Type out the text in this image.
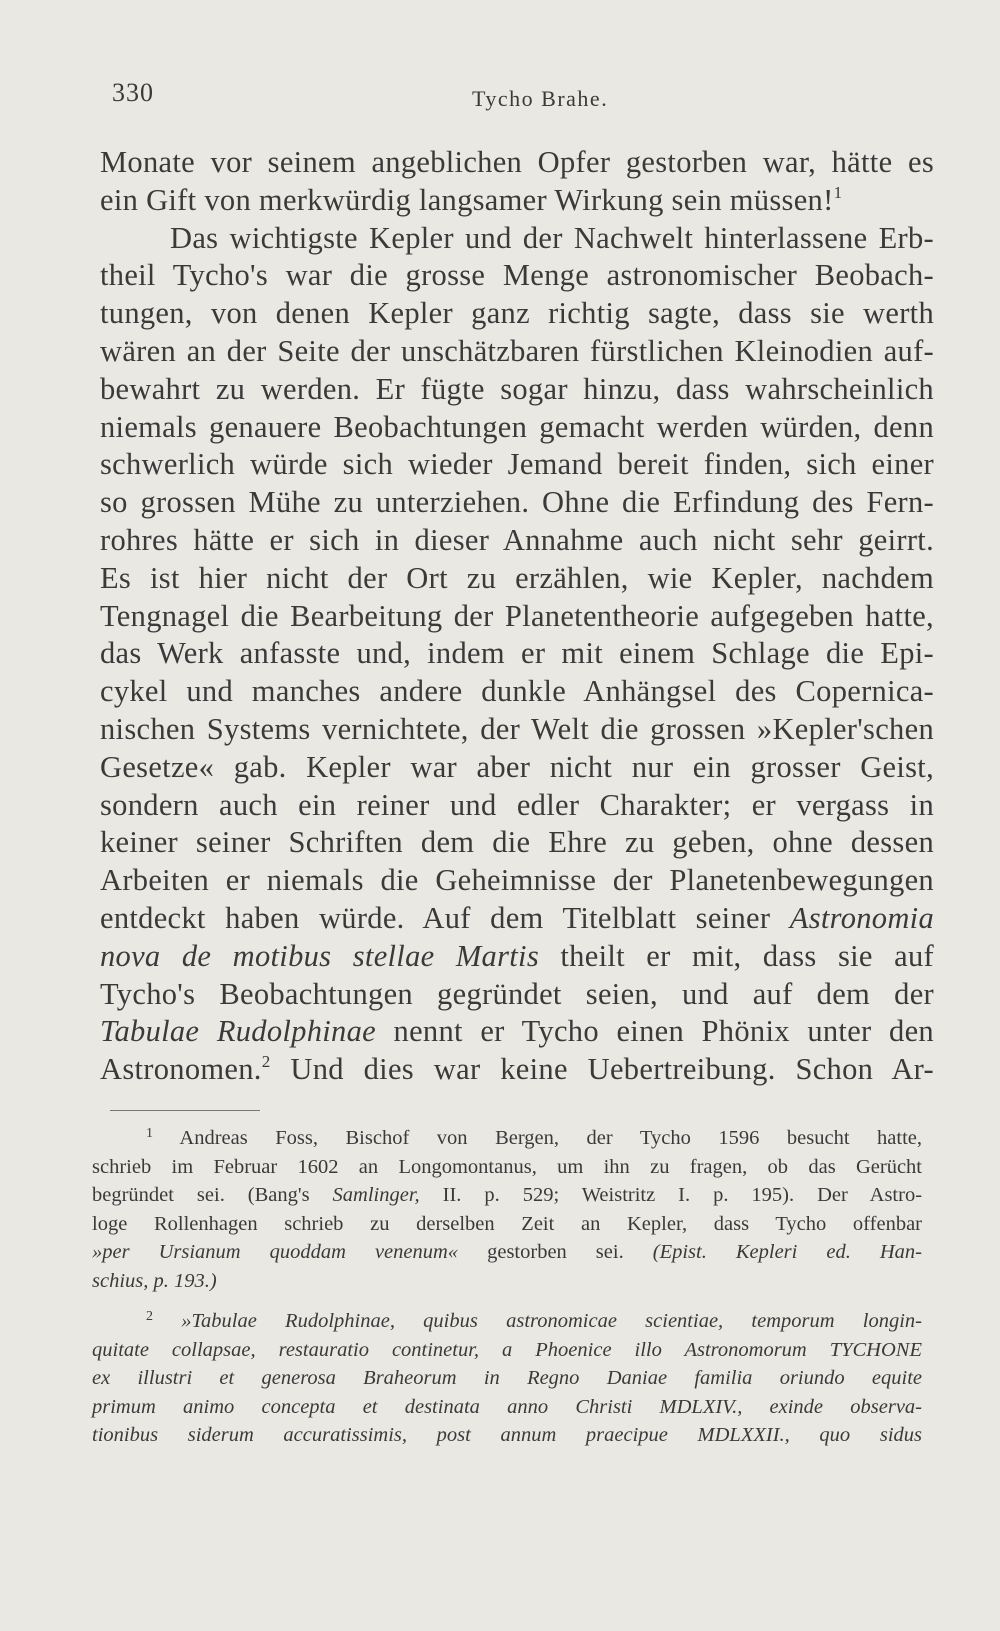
330	Tycho Brahe.
Monate vor seinem angeblichen Opfer gestorben war, hätte es
ein Gift von merkwürdig langsamer Wirkung sein müssen!$^1$
Das wichtigste Kepler und der Nachwelt hinterlassene Erb-
theil Tycho's war die grosse Menge astronomischer Beobach-
tungen, von denen Kepler ganz richtig sagte, dass sie werth
wären an der Seite der unschätzbaren fürstlichen Kleinodien auf-
bewahrt zu werden. Er fügte sogar hinzu, dass wahrscheinlich
niemals genauere Beobachtungen gemacht werden würden, denn
schwerlich würde sich wieder Jemand bereit finden, sich einer
so grossen Mühe zu unterziehen. Ohne die Erfindung des Fern-
rohres hätte er sich in dieser Annahme auch nicht sehr geirrt.
Es ist hier nicht der Ort zu erzählen, wie Kepler, nachdem
Tengnagel die Bearbeitung der Planetentheorie aufgegeben hatte,
das Werk anfasste und, indem er mit einem Schlage die Epi-
cykel und manches andere dunkle Anhängsel des Copernica-
nischen Systems vernichtete, der Welt die grossen »Kepler'schen
Gesetze« gab. Kepler war aber nicht nur ein grosser Geist,
sondern auch ein reiner und edler Charakter; er vergass in
keiner seiner Schriften dem die Ehre zu geben, ohne dessen
Arbeiten er niemals die Geheimnisse der Planetenbewegungen
entdeckt haben würde. Auf dem Titelblatt seiner Astronomia
nova de motibus stellae Martis theilt er mit, dass sie auf
Tycho's Beobachtungen gegründet seien, und auf dem der
Tabulae Rudolphinae nennt er Tycho einen Phönix unter den
Astronomen.$^2$ Und dies war keine Uebertreibung. Schon Ar-
$^1$ Andreas Foss, Bischof von Bergen, der Tycho 1596 besucht hatte,
schrieb im Februar 1602 an Longomontanus, um ihn zu fragen, ob das Gerücht
begründet sei. (Bang's Samlinger, II. p. 529; Weistritz I. p. 195). Der Astro-
loge Rollenhagen schrieb zu derselben Zeit an Kepler, dass Tycho offenbar
»per Ursianum quoddam venenum« gestorben sei. (Epist. Kepleri ed. Han-
schius, p. 193.)
$^2$ »Tabulae Rudolphinae, quibus astronomicae scientiae, temporum longin-
quitate collapsae, restauratio continetur, a Phoenice illo Astronomorum TYCHONE
ex illustri et generosa Braheorum in Regno Daniae familia oriundo equite
primum animo concepta et destinata anno Christi MDLXIV., exinde observa-
tionibus siderum accuratissimis, post annum praecipue MDLXXII., quo sidus
